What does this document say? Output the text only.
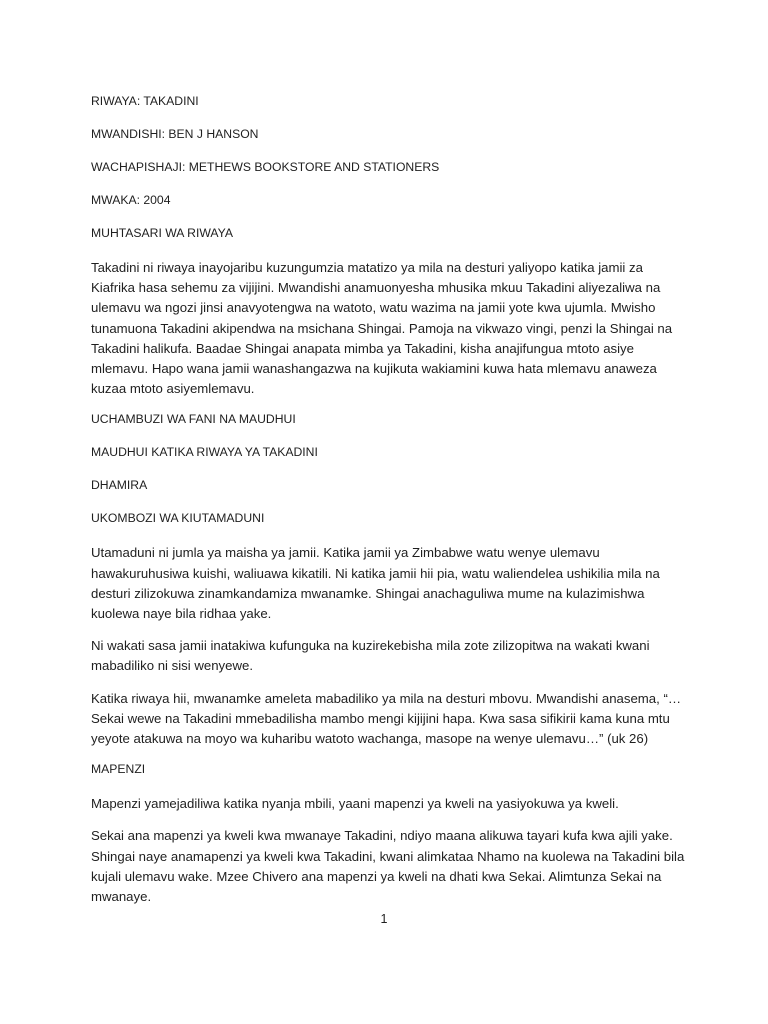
RIWAYA: TAKADINI

MWANDISHI: BEN J HANSON

WACHAPISHAJI: METHEWS BOOKSTORE AND STATIONERS

MWAKA: 2004

MUHTASARI WA RIWAYA

Takadini ni riwaya inayojaribu kuzungumzia matatizo ya mila na desturi yaliyopo katika jamii za Kiafrika hasa sehemu za vijijini. Mwandishi anamuonyesha mhusika mkuu Takadini aliyezaliwa na ulemavu wa ngozi jinsi anavyotengwa na watoto, watu wazima na jamii yote kwa ujumla. Mwisho tunamuona Takadini akipendwa na msichana Shingai. Pamoja na vikwazo vingi, penzi la Shingai na Takadini halikufa. Baadae Shingai anapata mimba ya Takadini, kisha anajifungua mtoto asiye mlemavu. Hapo wana jamii wanashangazwa na kujikuta wakiamini kuwa hata mlemavu anaweza kuzaa mtoto asiyemlemavu.

UCHAMBUZI WA FANI NA MAUDHUI

MAUDHUI KATIKA RIWAYA YA TAKADINI

DHAMIRA

UKOMBOZI WA KIUTAMADUNI

Utamaduni ni jumla ya maisha ya jamii. Katika jamii ya Zimbabwe watu wenye ulemavu hawakuruhusiwa kuishi, waliuawa kikatili. Ni katika jamii hii pia, watu waliendelea ushikilia mila na desturi zilizokuwa zinamkandamiza mwanamke. Shingai anachaguliwa mume na kulazimishwa kuolewa naye bila ridhaa yake.

Ni wakati sasa jamii inatakiwa kufunguka na kuzirekebisha mila zote zilizopitwa na wakati kwani mabadiliko ni sisi wenyewe.

Katika riwaya hii, mwanamke ameleta mabadiliko ya mila na desturi mbovu. Mwandishi anasema, “… Sekai wewe na Takadini mmebadilisha mambo mengi kijijini hapa. Kwa sasa sifikirii kama kuna mtu yeyote atakuwa na moyo wa kuharibu watoto wachanga, masope na wenye ulemavu…” (uk 26)

MAPENZI

Mapenzi yamejadiliwa katika nyanja mbili, yaani mapenzi ya kweli na yasiyokuwa ya kweli.

Sekai ana mapenzi ya kweli kwa mwanaye Takadini, ndiyo maana alikuwa tayari kufa kwa ajili yake. Shingai naye anamapenzi ya kweli kwa Takadini, kwani alimkataa Nhamo na kuolewa na Takadini bila kujali ulemavu wake. Mzee Chivero ana mapenzi ya kweli na dhati kwa Sekai. Alimtunza Sekai na mwanaye.

1
